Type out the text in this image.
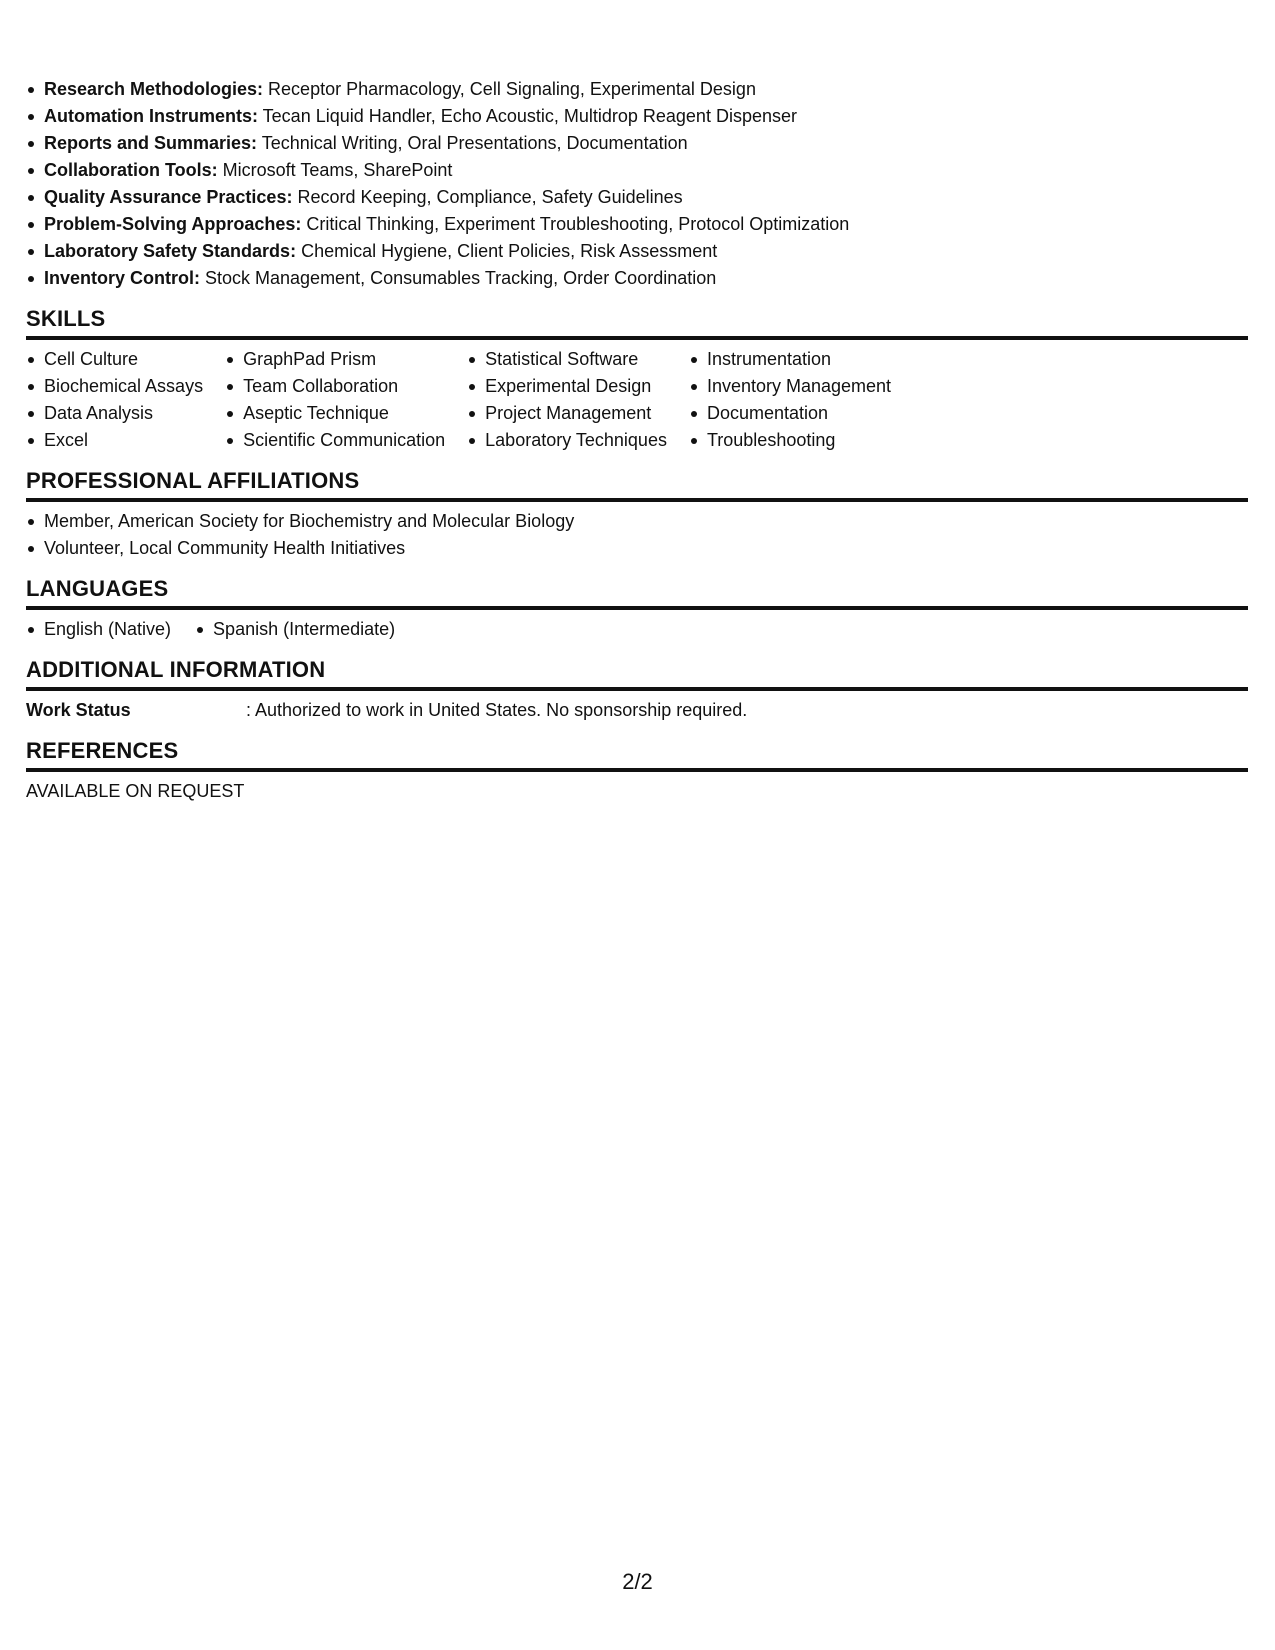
Research Methodologies: Receptor Pharmacology, Cell Signaling, Experimental Design
Automation Instruments: Tecan Liquid Handler, Echo Acoustic, Multidrop Reagent Dispenser
Reports and Summaries: Technical Writing, Oral Presentations, Documentation
Collaboration Tools: Microsoft Teams, SharePoint
Quality Assurance Practices: Record Keeping, Compliance, Safety Guidelines
Problem-Solving Approaches: Critical Thinking, Experiment Troubleshooting, Protocol Optimization
Laboratory Safety Standards: Chemical Hygiene, Client Policies, Risk Assessment
Inventory Control: Stock Management, Consumables Tracking, Order Coordination
SKILLS
Cell Culture
Biochemical Assays
Data Analysis
Excel
GraphPad Prism
Team Collaboration
Aseptic Technique
Scientific Communication
Statistical Software
Experimental Design
Project Management
Laboratory Techniques
Instrumentation
Inventory Management
Documentation
Troubleshooting
PROFESSIONAL AFFILIATIONS
Member, American Society for Biochemistry and Molecular Biology
Volunteer, Local Community Health Initiatives
LANGUAGES
English (Native)	Spanish (Intermediate)
ADDITIONAL INFORMATION
Work Status	: Authorized to work in United States. No sponsorship required.
REFERENCES
AVAILABLE ON REQUEST
2/2
